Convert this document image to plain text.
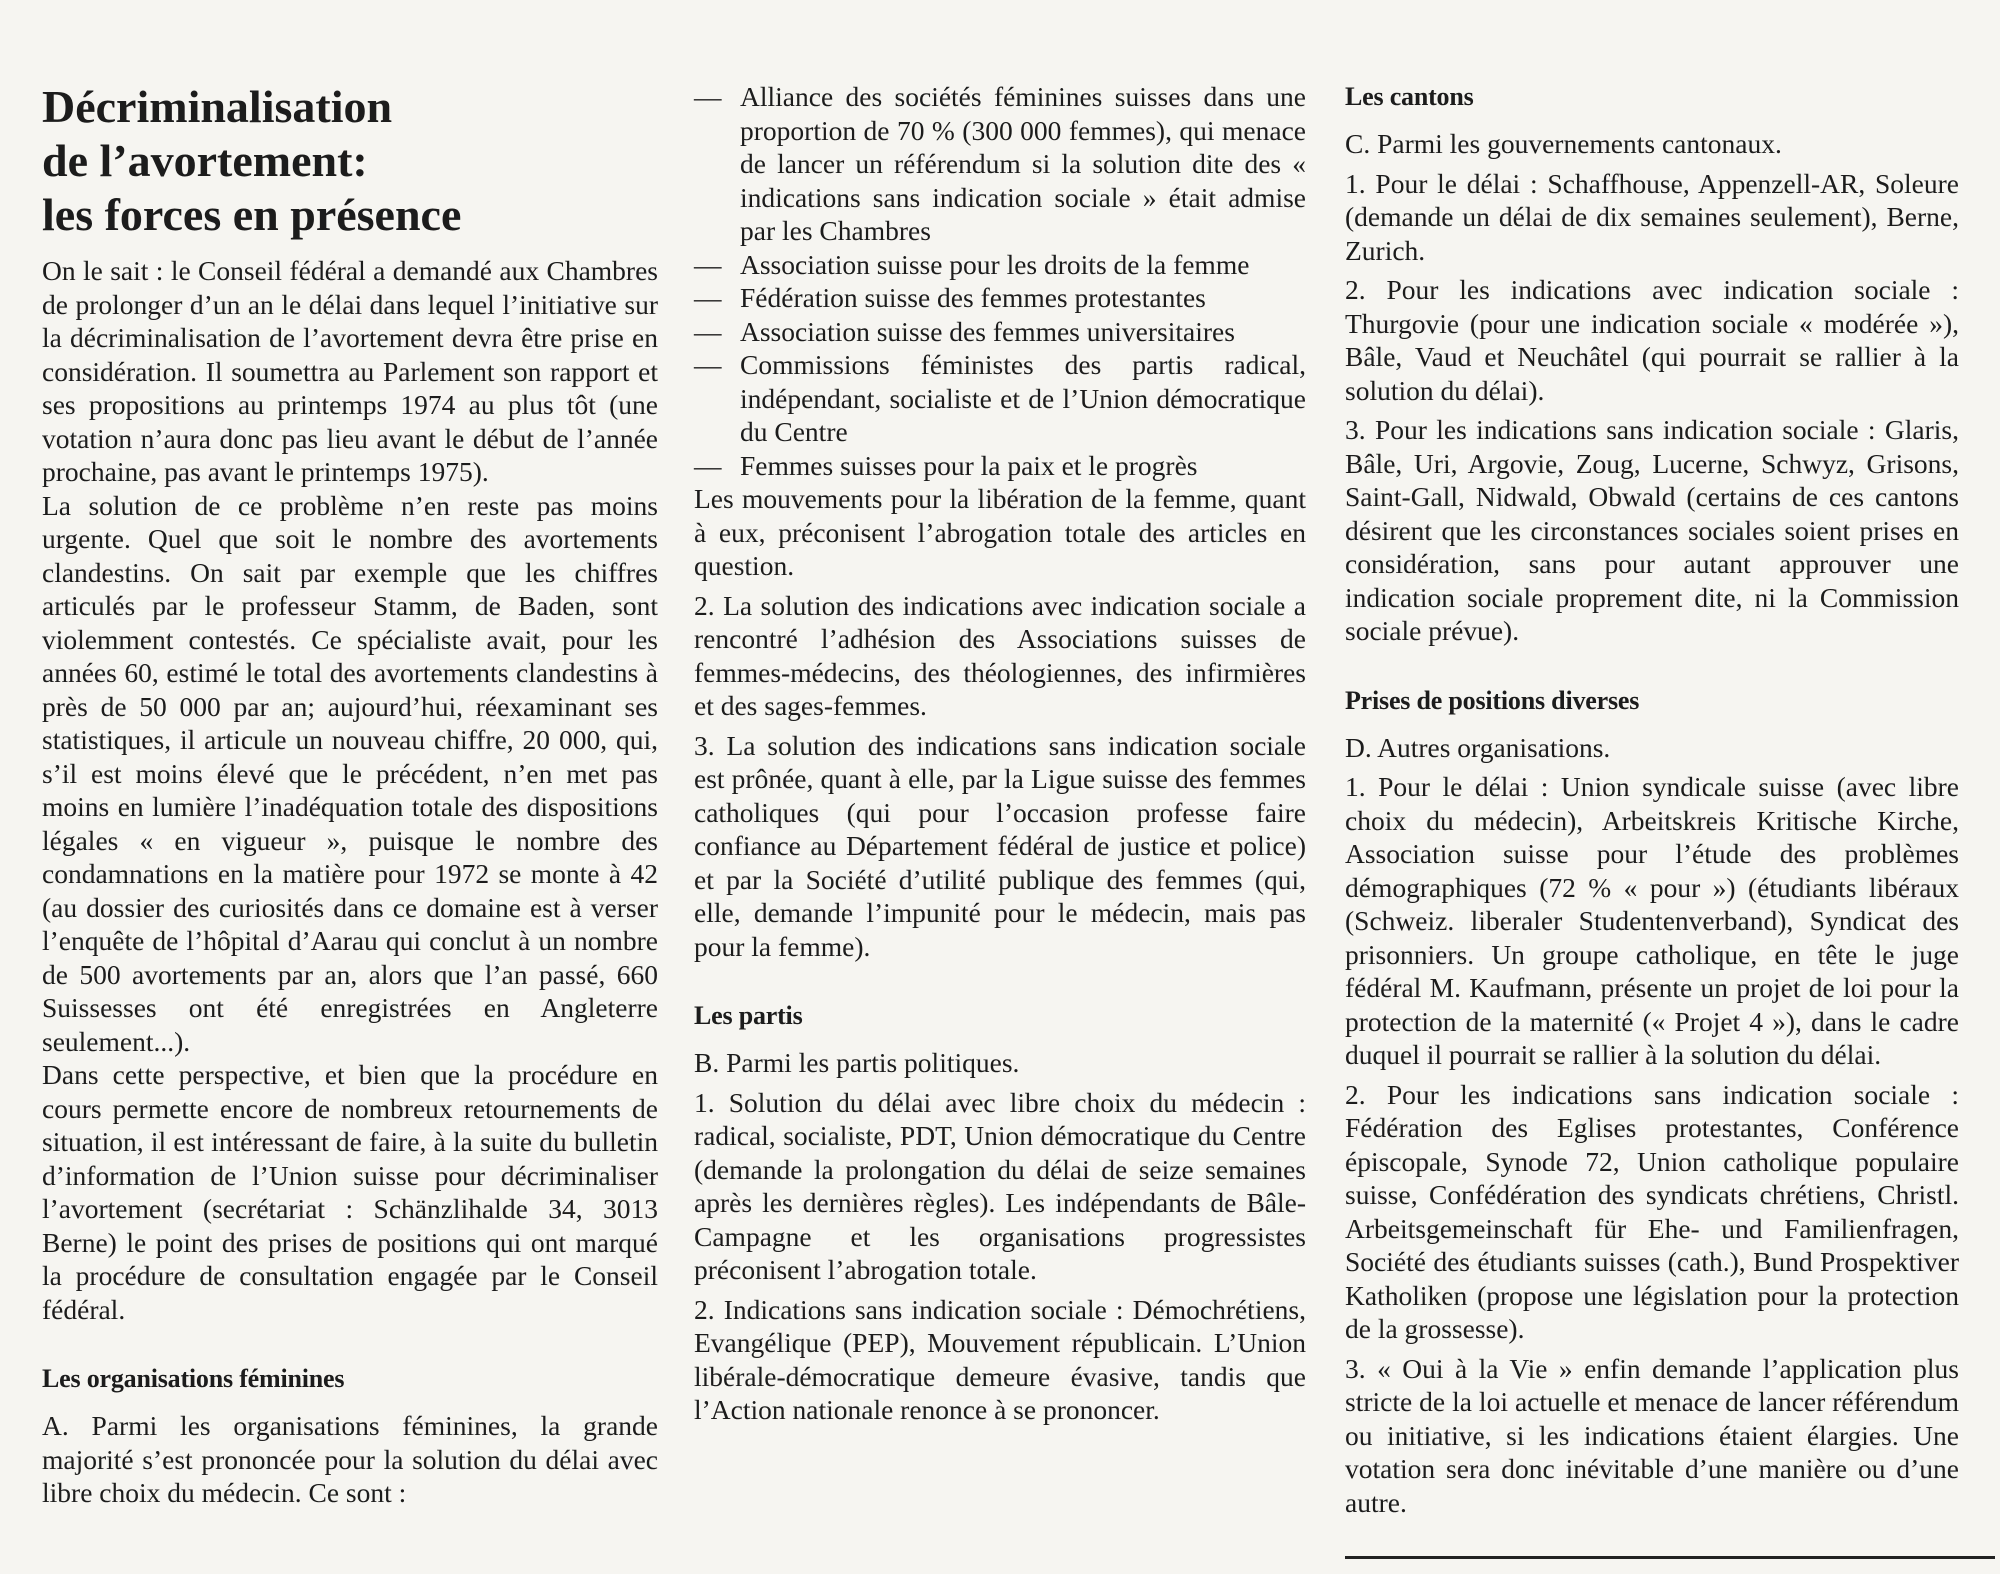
Décriminalisation
de l’avortement:
les forces en présence

On le sait : le Conseil fédéral a demandé aux Chambres de prolonger d’un an le délai dans lequel l’initiative sur la décriminalisation de l’avortement devra être prise en considération. Il soumettra au Parlement son rapport et ses propositions au printemps 1974 au plus tôt (une votation n’aura donc pas lieu avant le début de l’année prochaine, pas avant le printemps 1975).

La solution de ce problème n’en reste pas moins urgente. Quel que soit le nombre des avortements clandestins. On sait par exemple que les chiffres articulés par le professeur Stamm, de Baden, sont violemment contestés. Ce spécialiste avait, pour les années 60, estimé le total des avortements clandestins à près de 50 000 par an; aujourd’hui, réexaminant ses statistiques, il articule un nouveau chiffre, 20 000, qui, s’il est moins élevé que le précédent, n’en met pas moins en lumière l’inadéquation totale des dispositions légales « en vigueur », puisque le nombre des condamnations en la matière pour 1972 se monte à 42 (au dossier des curiosités dans ce domaine est à verser l’enquête de l’hôpital d’Aarau qui conclut à un nombre de 500 avortements par an, alors que l’an passé, 660 Suissesses ont été enregistrées en Angleterre seulement...).

Dans cette perspective, et bien que la procédure en cours permette encore de nombreux retournements de situation, il est intéressant de faire, à la suite du bulletin d’information de l’Union suisse pour décriminaliser l’avortement (secrétariat : Schänzlihalde 34, 3013 Berne) le point des prises de positions qui ont marqué la procédure de consultation engagée par le Conseil fédéral.

Les organisations féminines

A. Parmi les organisations féminines, la grande majorité s’est prononcée pour la solution du délai avec libre choix du médecin. Ce sont :

— Alliance des sociétés féminines suisses dans une proportion de 70 % (300 000 femmes), qui menace de lancer un référendum si la solution dite des « indications sans indication sociale » était admise par les Chambres
— Association suisse pour les droits de la femme
— Fédération suisse des femmes protestantes
— Association suisse des femmes universitaires
— Commissions féministes des partis radical, indépendant, socialiste et de l’Union démocratique du Centre
— Femmes suisses pour la paix et le progrès

Les mouvements pour la libération de la femme, quant à eux, préconisent l’abrogation totale des articles en question.

2. La solution des indications avec indication sociale a rencontré l’adhésion des Associations suisses de femmes-médecins, des théologiennes, des infirmières et des sages-femmes.

3. La solution des indications sans indication sociale est prônée, quant à elle, par la Ligue suisse des femmes catholiques (qui pour l’occasion professe faire confiance au Département fédéral de justice et police) et par la Société d’utilité publique des femmes (qui, elle, demande l’impunité pour le médecin, mais pas pour la femme).

Les partis

B. Parmi les partis politiques.

1. Solution du délai avec libre choix du médecin : radical, socialiste, PDT, Union démocratique du Centre (demande la prolongation du délai de seize semaines après les dernières règles). Les indépendants de Bâle-Campagne et les organisations progressistes préconisent l’abrogation totale.

2. Indications sans indication sociale : Démochrétiens, Evangélique (PEP), Mouvement républicain. L’Union libérale-démocratique demeure évasive, tandis que l’Action nationale renonce à se prononcer.

Les cantons

C. Parmi les gouvernements cantonaux.

1. Pour le délai : Schaffhouse, Appenzell-AR, Soleure (demande un délai de dix semaines seulement), Berne, Zurich.

2. Pour les indications avec indication sociale : Thurgovie (pour une indication sociale « modérée »), Bâle, Vaud et Neuchâtel (qui pourrait se rallier à la solution du délai).

3. Pour les indications sans indication sociale : Glaris, Bâle, Uri, Argovie, Zoug, Lucerne, Schwyz, Grisons, Saint-Gall, Nidwald, Obwald (certains de ces cantons désirent que les circonstances sociales soient prises en considération, sans pour autant approuver une indication sociale proprement dite, ni la Commission sociale prévue).

Prises de positions diverses

D. Autres organisations.

1. Pour le délai : Union syndicale suisse (avec libre choix du médecin), Arbeitskreis Kritische Kirche, Association suisse pour l’étude des problèmes démographiques (72 % « pour ») (étudiants libéraux (Schweiz. liberaler Studentenverband), Syndicat des prisonniers. Un groupe catholique, en tête le juge fédéral M. Kaufmann, présente un projet de loi pour la protection de la maternité (« Projet 4 »), dans le cadre duquel il pourrait se rallier à la solution du délai.

2. Pour les indications sans indication sociale : Fédération des Eglises protestantes, Conférence épiscopale, Synode 72, Union catholique populaire suisse, Confédération des syndicats chrétiens, Christl. Arbeitsgemeinschaft für Ehe- und Familienfragen, Société des étudiants suisses (cath.), Bund Prospektiver Katholiken (propose une législation pour la protection de la grossesse).

3. « Oui à la Vie » enfin demande l’application plus stricte de la loi actuelle et menace de lancer référendum ou initiative, si les indications étaient élargies. Une votation sera donc inévitable d’une manière ou d’une autre.
